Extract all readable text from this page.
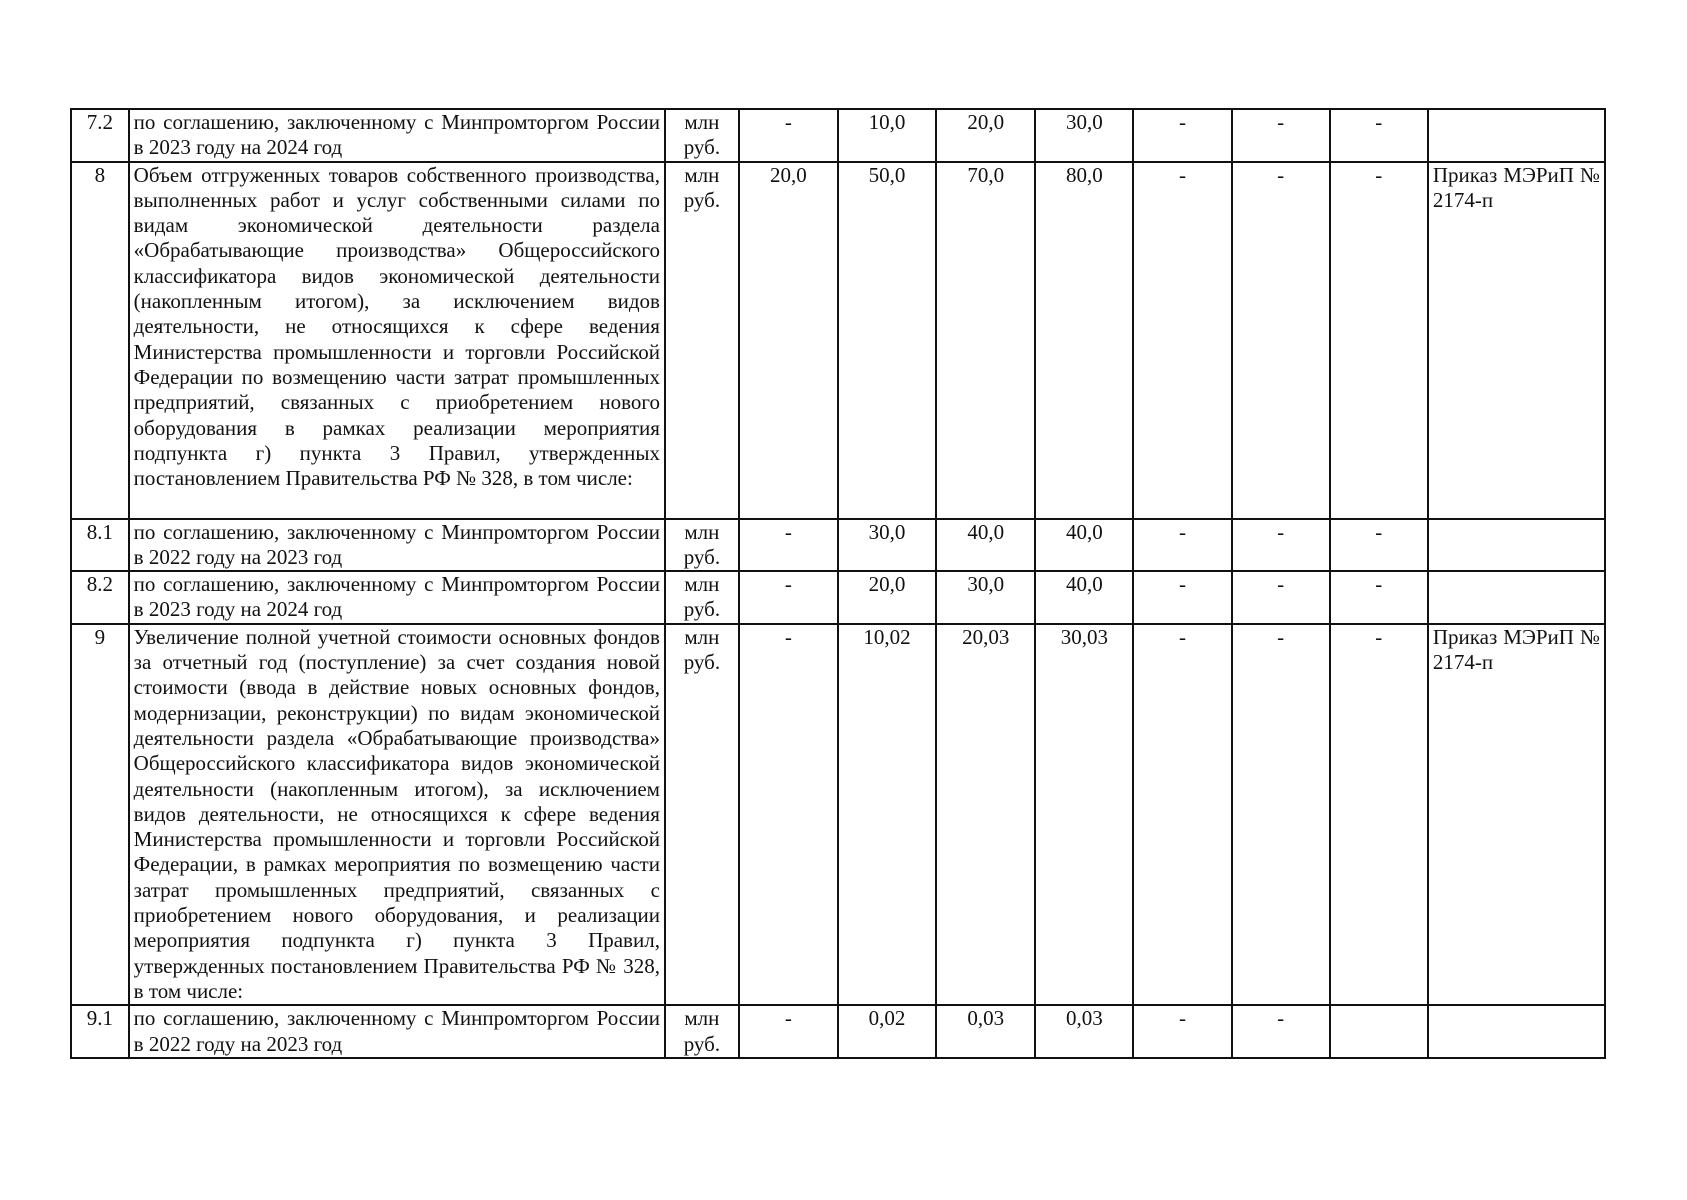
7.2	по соглашению, заключенному с Минпромторгом России в 2023 году на 2024 год	млн руб.	-	10,0	20,0	30,0	-	-	-	
8	Объем отгруженных товаров собственного производства, выполненных работ и услуг собственными силами по видам экономической деятельности раздела «Обрабатывающие производства» Общероссийского классификатора видов экономической деятельности (накопленным итогом), за исключением видов деятельности, не относящихся к сфере ведения Министерства промышленности и торговли Российской Федерации по возмещению части затрат промышленных предприятий, связанных с приобретением нового оборудования в рамках реализации мероприятия подпункта г) пункта 3 Правил, утвержденных постановлением Правительства РФ № 328, в том числе:	млн руб.	20,0	50,0	70,0	80,0	-	-	-	Приказ МЭРиП № 2174-п
8.1	по соглашению, заключенному с Минпромторгом России в 2022 году на 2023 год	млн руб.	-	30,0	40,0	40,0	-	-	-	
8.2	по соглашению, заключенному с Минпромторгом России в 2023 году на 2024 год	млн руб.	-	20,0	30,0	40,0	-	-	-	
9	Увеличение полной учетной стоимости основных фондов за отчетный год (поступление) за счет создания новой стоимости (ввода в действие новых основных фондов, модернизации, реконструкции) по видам экономической деятельности раздела «Обрабатывающие производства» Общероссийского классификатора видов экономической деятельности (накопленным итогом), за исключением видов деятельности, не относящихся к сфере ведения Министерства промышленности и торговли Российской Федерации, в рамках мероприятия по возмещению части затрат промышленных предприятий, связанных с приобретением нового оборудования, и реализации мероприятия подпункта г) пункта 3 Правил, утвержденных постановлением Правительства РФ № 328, в том числе:	млн руб.	-	10,02	20,03	30,03	-	-	-	Приказ МЭРиП № 2174-п
9.1	по соглашению, заключенному с Минпромторгом России в 2022 году на 2023 год	млн руб.	-	0,02	0,03	0,03	-	-		
